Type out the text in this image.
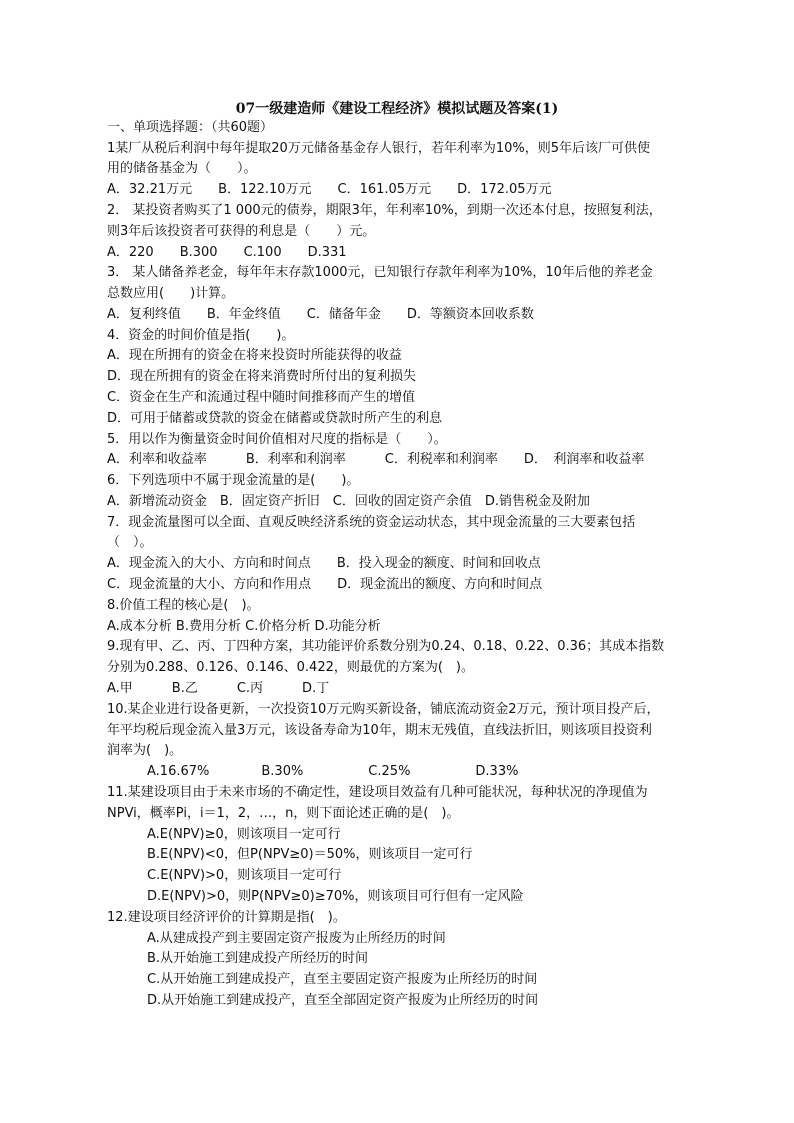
07一级建造师《建设工程经济》模拟试题及答案(1)
一、单项选择题：（共60题）
1某厂从税后利润中每年提取20万元储备基金存人银行，若年利率为10%，则5年后该厂可供使
用的储备基金为（　　）。
A．32.21万元　　B．122.10万元　　C．161.05万元　　D．172.05万元
2． 某投资者购买了1 000元的债券，期限3年，年利率10%，到期一次还本付息，按照复利法，
则3年后该投资者可获得的利息是（　　）元。
A．220　　B.300　　C.100　　D.331
3． 某人储备养老金，每年年末存款1000元，已知银行存款年利率为10%，10年后他的养老金
总数应用(　　)计算。
A．复利终值　　B．年金终值　　C．储备年金　　D．等额资本回收系数
4．资金的时间价值是指(　　)。
A．现在所拥有的资金在将来投资时所能获得的收益
D．现在所拥有的资金在将来消费时所付出的复利损失
C．资金在生产和流通过程中随时间推移而产生的增值
D．可用于储蓄或贷款的资金在储蓄或贷款时所产生的利息
5．用以作为衡量资金时间价值相对尺度的指标是（　　）。
A．利率和收益率　　　B．利率和利润率　　　C．利税率和利润率　　D．　利润率和收益率
6．下列选项中不属于现金流量的是(　　)。
A．新增流动资金　B．固定资产折旧　C．回收的固定资产余值　D.销售税金及附加
7．现金流量图可以全面、直观反映经济系统的资金运动状态，其中现金流量的三大要素包括
（　）。
A．现金流入的大小、方向和时间点　　B．投入现金的额度、时间和回收点
C．现金流量的大小、方向和作用点　　D．现金流出的额度、方向和时间点
8.价值工程的核心是(　)。
A.成本分析 B.费用分析 C.价格分析 D.功能分析
9.现有甲、乙、丙、丁四种方案，其功能评价系数分别为0.24、0.18、0.22、0.36；其成本指数
分别为0.288、0.126、0.146、0.422，则最优的方案为(　)。
A.甲　　　B.乙　　　C.丙　　　D.丁
10.某企业进行设备更新，一次投资10万元购买新设备，铺底流动资金2万元，预计项目投产后，
年平均税后现金流入量3万元，该设备寿命为10年，期末无残值，直线法折旧，则该项目投资利
润率为(　)。
A.16.67%　　　　B.30%　　　　　C.25%　　　　　D.33%
11.某建设项目由于未来市场的不确定性，建设项目效益有几种可能状况，每种状况的净现值为
NPVi，概率Pi，i＝1，2，…，n，则下面论述正确的是(　)。
A.E(NPV)≥0，则该项目一定可行
B.E(NPV)<0，但P(NPV≥0)＝50%，则该项目一定可行
C.E(NPV)>0，则该项目一定可行
D.E(NPV)>0，则P(NPV≥0)≥70%，则该项目可行但有一定风险
12.建设项目经济评价的计算期是指(　)。
A.从建成投产到主要固定资产报废为止所经历的时间
B.从开始施工到建成投产所经历的时间
C.从开始施工到建成投产，直至主要固定资产报废为止所经历的时间
D.从开始施工到建成投产，直至全部固定资产报废为止所经历的时间
